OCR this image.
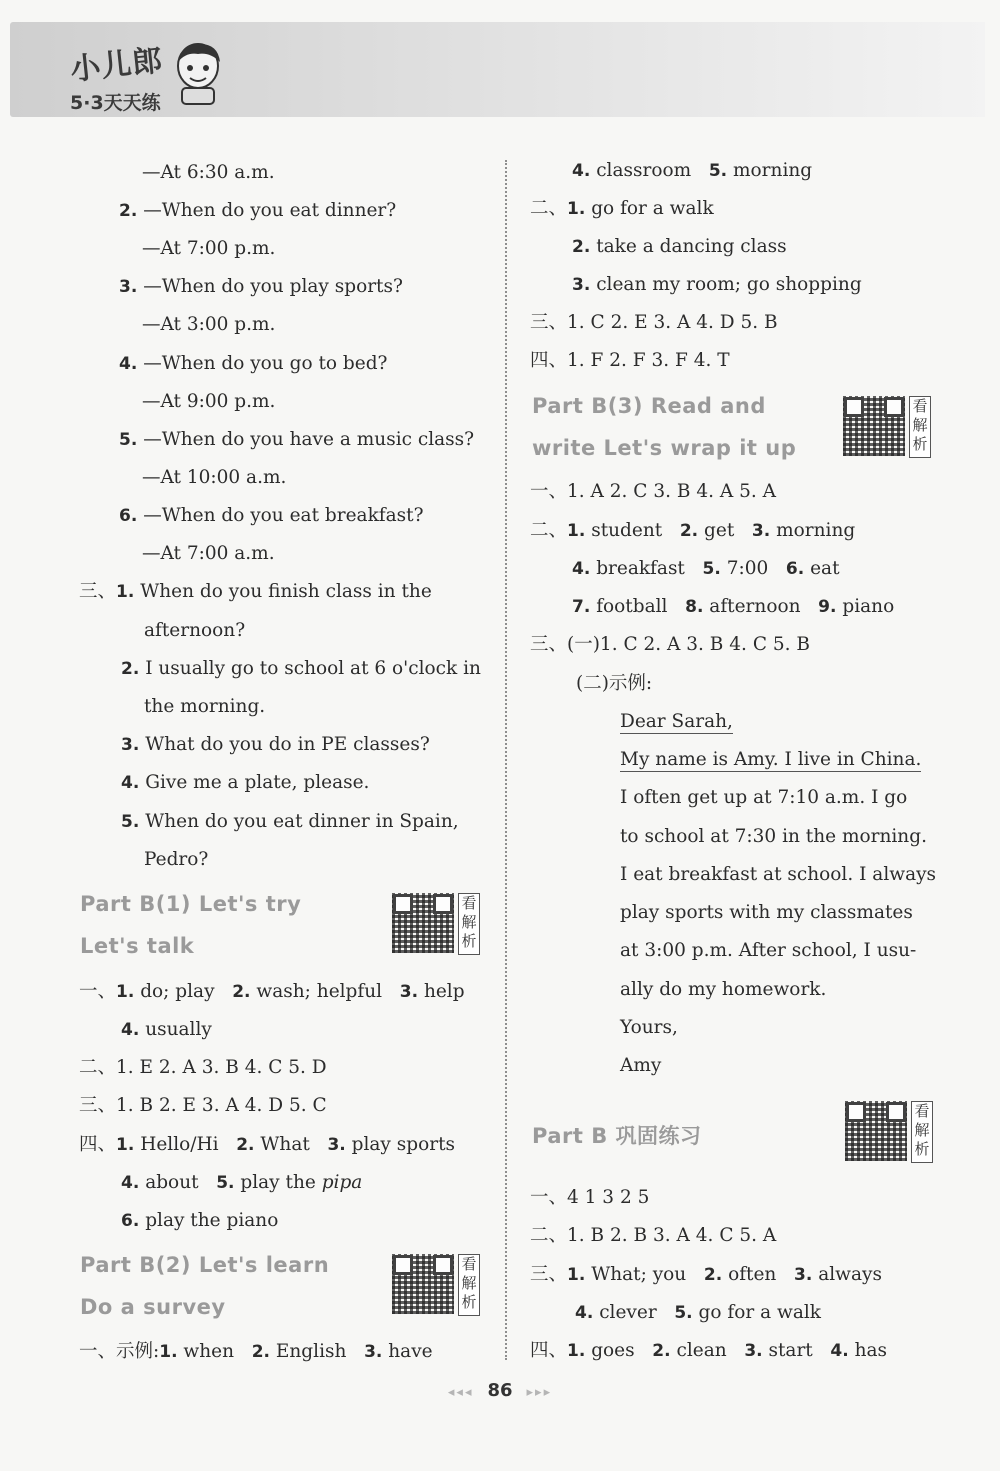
小儿郎
5·3天天练
—At 6:30 a.m.
2. —When do you eat dinner?
—At 7:00 p.m.
3. —When do you play sports?
—At 3:00 p.m.
4. —When do you go to bed?
—At 9:00 p.m.
5. —When do you have a music class?
—At 10:00 a.m.
6. —When do you eat breakfast?
—At 7:00 a.m.
三、1. When do you finish class in the
afternoon?
2. I usually go to school at 6 o'clock in
the morning.
3. What do you do in PE classes?
4. Give me a plate, please.
5. When do you eat dinner in Spain,
Pedro?
Part B(1) Let's try
Let's talk
看
解
析
一、1. do; play 2. wash; helpful 3. help
4. usually
二、1. E 2. A 3. B 4. C 5. D
三、1. B 2. E 3. A 4. D 5. C
四、1. Hello/Hi 2. What 3. play sports
4. about 5. play the pipa
6. play the piano
Part B(2) Let's learn
Do a survey
看
解
析
一、示例:1. when 2. English 3. have
4. classroom 5. morning
二、1. go for a walk
2. take a dancing class
3. clean my room; go shopping
三、1. C 2. E 3. A 4. D 5. B
四、1. F 2. F 3. F 4. T
Part B(3) Read and
write Let's wrap it up
看
解
析
一、1. A 2. C 3. B 4. A 5. A
二、1. student 2. get 3. morning
4. breakfast 5. 7:00 6. eat
7. football 8. afternoon 9. piano
三、(一)1. C 2. A 3. B 4. C 5. B
(二)示例:
Dear Sarah,
My name is Amy. I live in China.
I often get up at 7:10 a.m. I go
to school at 7:30 in the morning.
I eat breakfast at school. I always
play sports with my classmates
at 3:00 p.m. After school, I usu-
ally do my homework.
Yours,
Amy
Part B 巩固练习
看
解
析
一、4 1 3 2 5
二、1. B 2. B 3. A 4. C 5. A
三、1. What; you 2. often 3. always
4. clever 5. go for a walk
四、1. goes 2. clean 3. start 4. has
◂◂◂ 86 ▸▸▸
